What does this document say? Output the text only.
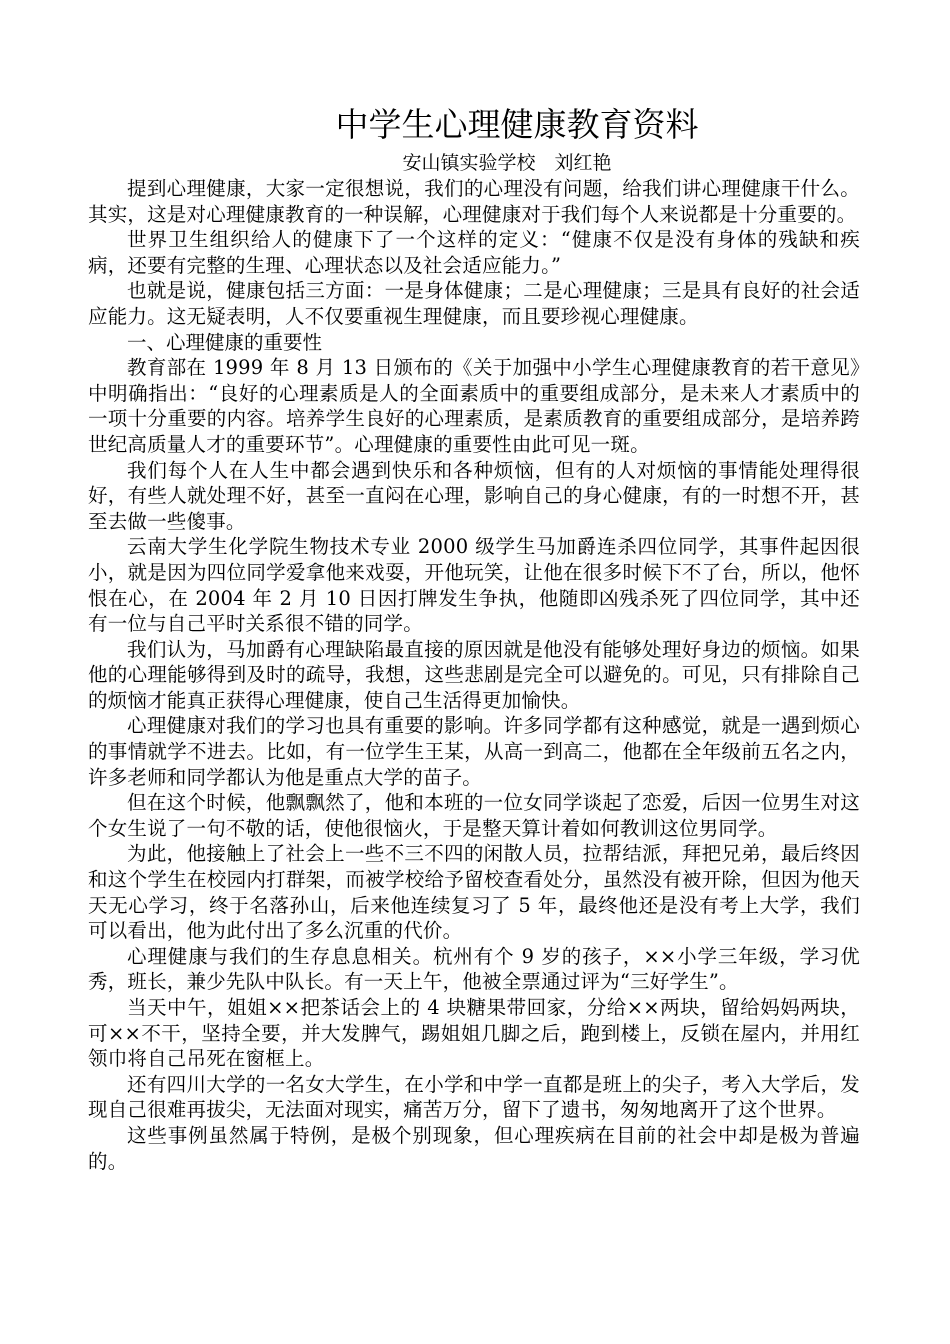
中学生心理健康教育资料

安山镇实验学校　刘红艳

提到心理健康，大家一定很想说，我们的心理没有问题，给我们讲心理健康干什么。其实，这是对心理健康教育的一种误解，心理健康对于我们每个人来说都是十分重要的。

世界卫生组织给人的健康下了一个这样的定义：“健康不仅是没有身体的残缺和疾病，还要有完整的生理、心理状态以及社会适应能力。”

也就是说，健康包括三方面：一是身体健康；二是心理健康；三是具有良好的社会适应能力。这无疑表明，人不仅要重视生理健康，而且要珍视心理健康。

一、心理健康的重要性

教育部在 1999 年 8 月 13 日颁布的《关于加强中小学生心理健康教育的若干意见》中明确指出：“良好的心理素质是人的全面素质中的重要组成部分，是未来人才素质中的一项十分重要的内容。培养学生良好的心理素质，是素质教育的重要组成部分，是培养跨世纪高质量人才的重要环节”。心理健康的重要性由此可见一斑。

我们每个人在人生中都会遇到快乐和各种烦恼，但有的人对烦恼的事情能处理得很好，有些人就处理不好，甚至一直闷在心理，影响自己的身心健康，有的一时想不开，甚至去做一些傻事。

云南大学生化学院生物技术专业 2000 级学生马加爵连杀四位同学，其事件起因很小，就是因为四位同学爱拿他来戏耍，开他玩笑，让他在很多时候下不了台，所以，他怀恨在心，在 2004 年 2 月 10 日因打牌发生争执，他随即凶残杀死了四位同学，其中还有一位与自己平时关系很不错的同学。

我们认为，马加爵有心理缺陷最直接的原因就是他没有能够处理好身边的烦恼。如果他的心理能够得到及时的疏导，我想，这些悲剧是完全可以避免的。可见，只有排除自己的烦恼才能真正获得心理健康，使自己生活得更加愉快。

心理健康对我们的学习也具有重要的影响。许多同学都有这种感觉，就是一遇到烦心的事情就学不进去。比如，有一位学生王某，从高一到高二，他都在全年级前五名之内，许多老师和同学都认为他是重点大学的苗子。

但在这个时候，他飘飘然了，他和本班的一位女同学谈起了恋爱，后因一位男生对这个女生说了一句不敬的话，使他很恼火，于是整天算计着如何教训这位男同学。

为此，他接触上了社会上一些不三不四的闲散人员，拉帮结派，拜把兄弟，最后终因和这个学生在校园内打群架，而被学校给予留校查看处分，虽然没有被开除，但因为他天天无心学习，终于名落孙山，后来他连续复习了 5 年，最终他还是没有考上大学，我们可以看出，他为此付出了多么沉重的代价。

心理健康与我们的生存息息相关。杭州有个 9 岁的孩子，××小学三年级，学习优秀，班长，兼少先队中队长。有一天上午，他被全票通过评为“三好学生”。

当天中午，姐姐××把茶话会上的 4 块糖果带回家，分给××两块，留给妈妈两块，可××不干，坚持全要，并大发脾气，踢姐姐几脚之后，跑到楼上，反锁在屋内，并用红领巾将自己吊死在窗框上。

还有四川大学的一名女大学生，在小学和中学一直都是班上的尖子，考入大学后，发现自己很难再拔尖，无法面对现实，痛苦万分，留下了遗书，匆匆地离开了这个世界。

这些事例虽然属于特例，是极个别现象，但心理疾病在目前的社会中却是极为普遍的。
